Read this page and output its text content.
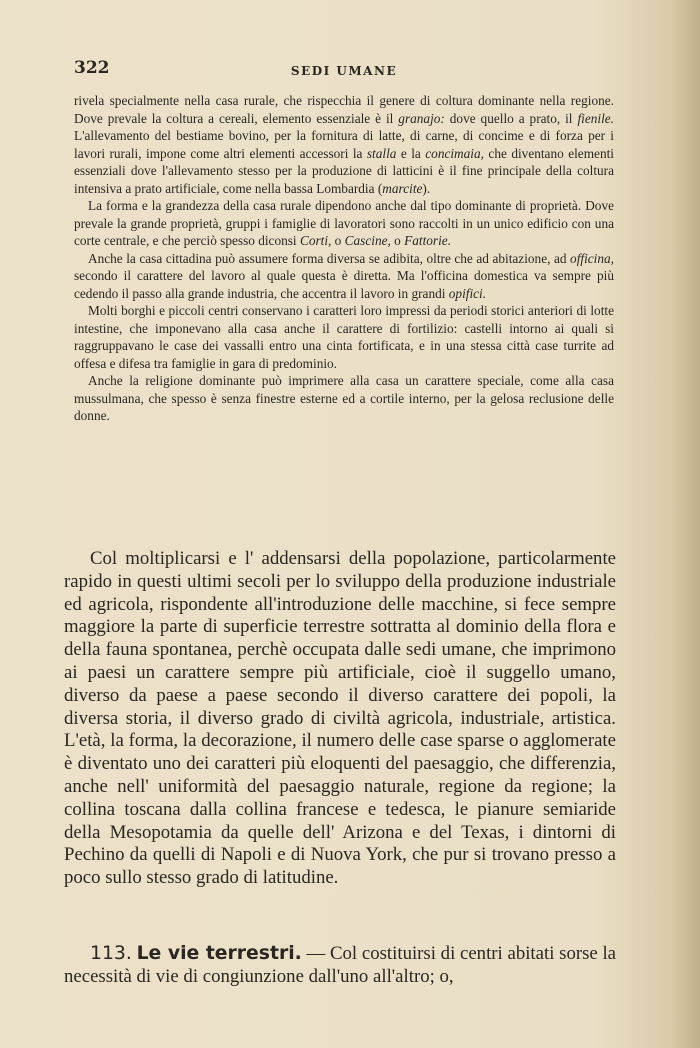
322	SEDI UMANE

rivela specialmente nella casa rurale, che rispecchia il genere di coltura dominante nella regione. Dove prevale la coltura a cereali, elemento essenziale è il granajo: dove quello a prato, il fienile. L'allevamento del bestiame bovino, per la fornitura di latte, di carne, di concime e di forza per i lavori rurali, impone come altri elementi accessori la stalla e la concimaia, che diventano elementi essenziali dove l'allevamento stesso per la produzione di latticini è il fine principale della coltura intensiva a prato artificiale, come nella bassa Lombardia (marcite).

La forma e la grandezza della casa rurale dipendono anche dal tipo dominante di proprietà. Dove prevale la grande proprietà, gruppi i famiglie di lavoratori sono raccolti in un unico edificio con una corte centrale, e che perciò spesso diconsi Corti, o Cascine, o Fattorie.

Anche la casa cittadina può assumere forma diversa se adibita, oltre che ad abitazione, ad officina, secondo il carattere del lavoro al quale questa è diretta. Ma l'officina domestica va sempre più cedendo il passo alla grande industria, che accentra il lavoro in grandi opifici.

Molti borghi e piccoli centri conservano i caratteri loro impressi da periodi storici anteriori di lotte intestine, che imponevano alla casa anche il carattere di fortilizio: castelli intorno ai quali si raggruppavano le case dei vassalli entro una cinta fortificata, e in una stessa città case turrite ad offesa e difesa tra famiglie in gara di predominio.

Anche la religione dominante può imprimere alla casa un carattere speciale, come alla casa mussulmana, che spesso è senza finestre esterne ed a cortile interno, per la gelosa reclusione delle donne.

Col moltiplicarsi e l' addensarsi della popolazione, particolarmente rapido in questi ultimi secoli per lo sviluppo della produzione industriale ed agricola, rispondente all'introduzione delle macchine, si fece sempre maggiore la parte di superficie terrestre sottratta al dominio della flora e della fauna spontanea, perchè occupata dalle sedi umane, che imprimono ai paesi un carattere sempre più artificiale, cioè il suggello umano, diverso da paese a paese secondo il diverso carattere dei popoli, la diversa storia, il diverso grado di civiltà agricola, industriale, artistica. L'età, la forma, la decorazione, il numero delle case sparse o agglomerate è diventato uno dei caratteri più eloquenti del paesaggio, che differenzia, anche nell' uniformità del paesaggio naturale, regione da regione; la collina toscana dalla collina francese e tedesca, le pianure semiaride della Mesopotamia da quelle dell' Arizona e del Texas, i dintorni di Pechino da quelli di Napoli e di Nuova York, che pur si trovano presso a poco sullo stesso grado di latitudine.

113. Le vie terrestri. — Col costituirsi di centri abitati sorse la necessità di vie di congiunzione dall'uno all'altro; o,
